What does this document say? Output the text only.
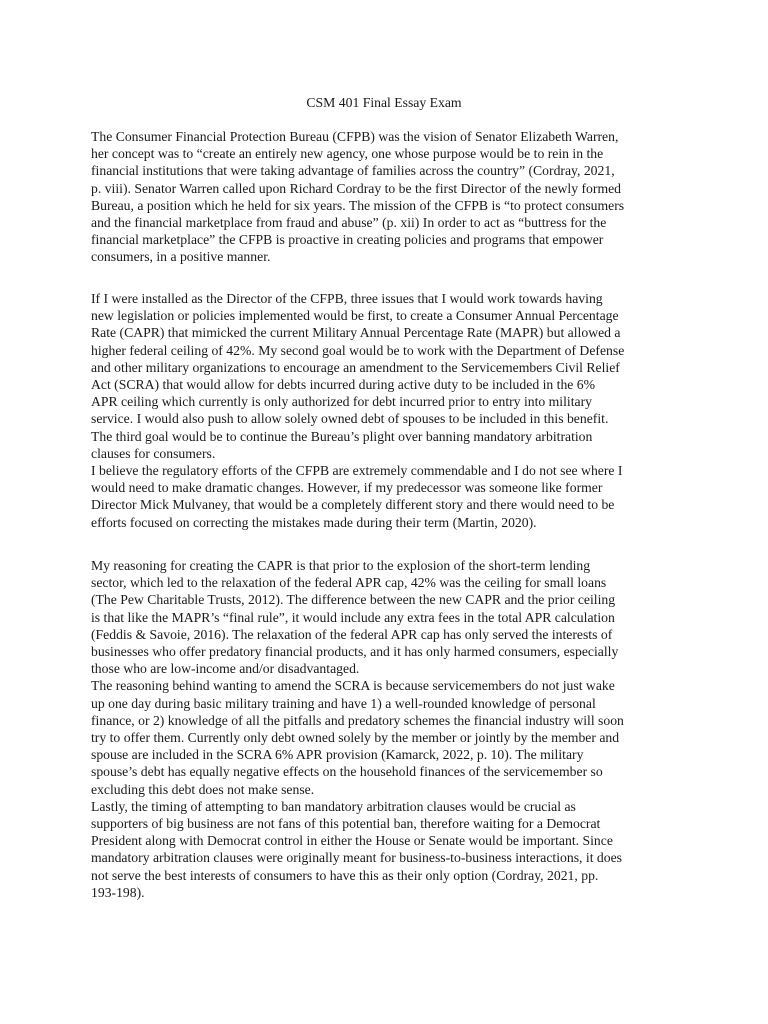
CSM 401 Final Essay Exam
The Consumer Financial Protection Bureau (CFPB) was the vision of Senator Elizabeth Warren,
her concept was to “create an entirely new agency, one whose purpose would be to rein in the
financial institutions that were taking advantage of families across the country” (Cordray, 2021,
p. viii). Senator Warren called upon Richard Cordray to be the first Director of the newly formed
Bureau, a position which he held for six years. The mission of the CFPB is “to protect consumers
and the financial marketplace from fraud and abuse” (p. xii) In order to act as “buttress for the
financial marketplace” the CFPB is proactive in creating policies and programs that empower
consumers, in a positive manner.
If I were installed as the Director of the CFPB, three issues that I would work towards having
new legislation or policies implemented would be first, to create a Consumer Annual Percentage
Rate (CAPR) that mimicked the current Military Annual Percentage Rate (MAPR) but allowed a
higher federal ceiling of 42%. My second goal would be to work with the Department of Defense
and other military organizations to encourage an amendment to the Servicemembers Civil Relief
Act (SCRA) that would allow for debts incurred during active duty to be included in the 6%
APR ceiling which currently is only authorized for debt incurred prior to entry into military
service. I would also push to allow solely owned debt of spouses to be included in this benefit.
The third goal would be to continue the Bureau’s plight over banning mandatory arbitration
clauses for consumers.
I believe the regulatory efforts of the CFPB are extremely commendable and I do not see where I
would need to make dramatic changes. However, if my predecessor was someone like former
Director Mick Mulvaney, that would be a completely different story and there would need to be
efforts focused on correcting the mistakes made during their term (Martin, 2020).
My reasoning for creating the CAPR is that prior to the explosion of the short-term lending
sector, which led to the relaxation of the federal APR cap, 42% was the ceiling for small loans
(The Pew Charitable Trusts, 2012). The difference between the new CAPR and the prior ceiling
is that like the MAPR’s “final rule”, it would include any extra fees in the total APR calculation
(Feddis & Savoie, 2016). The relaxation of the federal APR cap has only served the interests of
businesses who offer predatory financial products, and it has only harmed consumers, especially
those who are low-income and/or disadvantaged.
The reasoning behind wanting to amend the SCRA is because servicemembers do not just wake
up one day during basic military training and have 1) a well-rounded knowledge of personal
finance, or 2) knowledge of all the pitfalls and predatory schemes the financial industry will soon
try to offer them. Currently only debt owned solely by the member or jointly by the member and
spouse are included in the SCRA 6% APR provision (Kamarck, 2022, p. 10). The military
spouse’s debt has equally negative effects on the household finances of the servicemember so
excluding this debt does not make sense.
Lastly, the timing of attempting to ban mandatory arbitration clauses would be crucial as
supporters of big business are not fans of this potential ban, therefore waiting for a Democrat
President along with Democrat control in either the House or Senate would be important. Since
mandatory arbitration clauses were originally meant for business-to-business interactions, it does
not serve the best interests of consumers to have this as their only option (Cordray, 2021, pp.
193-198).
